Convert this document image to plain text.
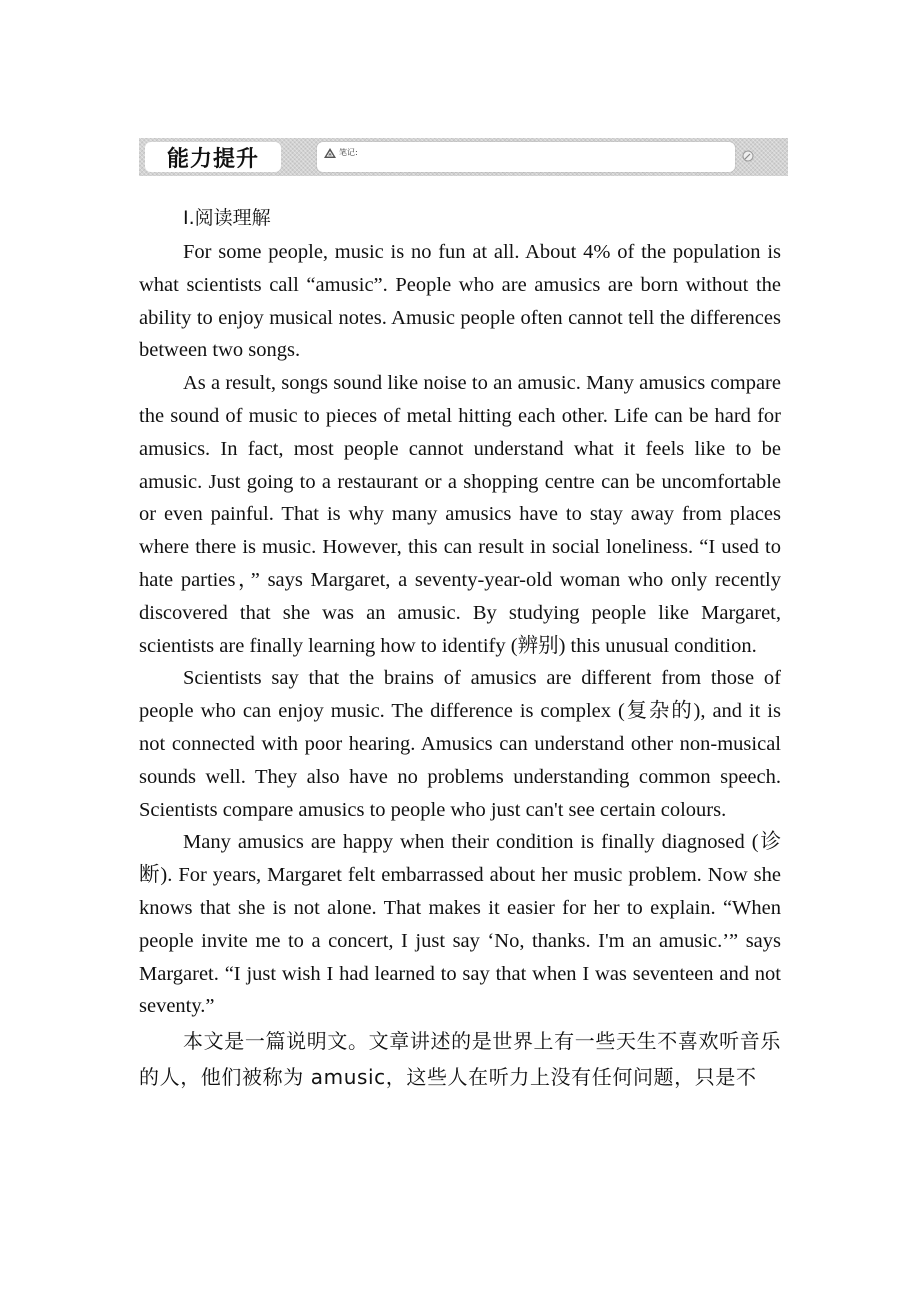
能力提升	笔记:

Ⅰ.阅读理解

For some people, music is no fun at all. About 4% of the population is what scientists call “amusic”. People who are amusics are born without the ability to enjoy musical notes. Amusic people often cannot tell the differences between two songs.

As a result, songs sound like noise to an amusic. Many amusics compare the sound of music to pieces of metal hitting each other. Life can be hard for amusics. In fact, most people cannot understand what it feels like to be amusic. Just going to a restaurant or a shopping centre can be uncomfortable or even painful. That is why many amusics have to stay away from places where there is music. However, this can result in social loneliness. “I used to hate parties，” says Margaret, a seventy-year-old woman who only recently discovered that she was an amusic. By studying people like Margaret, scientists are finally learning how to identify (辨别) this unusual condition.

Scientists say that the brains of amusics are different from those of people who can enjoy music. The difference is complex (复杂的), and it is not connected with poor hearing. Amusics can understand other non-musical sounds well. They also have no problems understanding common speech. Scientists compare amusics to people who just can't see certain colours.

Many amusics are happy when their condition is finally diagnosed (诊断). For years, Margaret felt embarrassed about her music problem. Now she knows that she is not alone. That makes it easier for her to explain. “When people invite me to a concert, I just say ‘No, thanks. I'm an amusic.’” says Margaret. “I just wish I had learned to say that when I was seventeen and not seventy.”

本文是一篇说明文。文章讲述的是世界上有一些天生不喜欢听音乐的人，他们被称为 amusic，这些人在听力上没有任何问题，只是不
